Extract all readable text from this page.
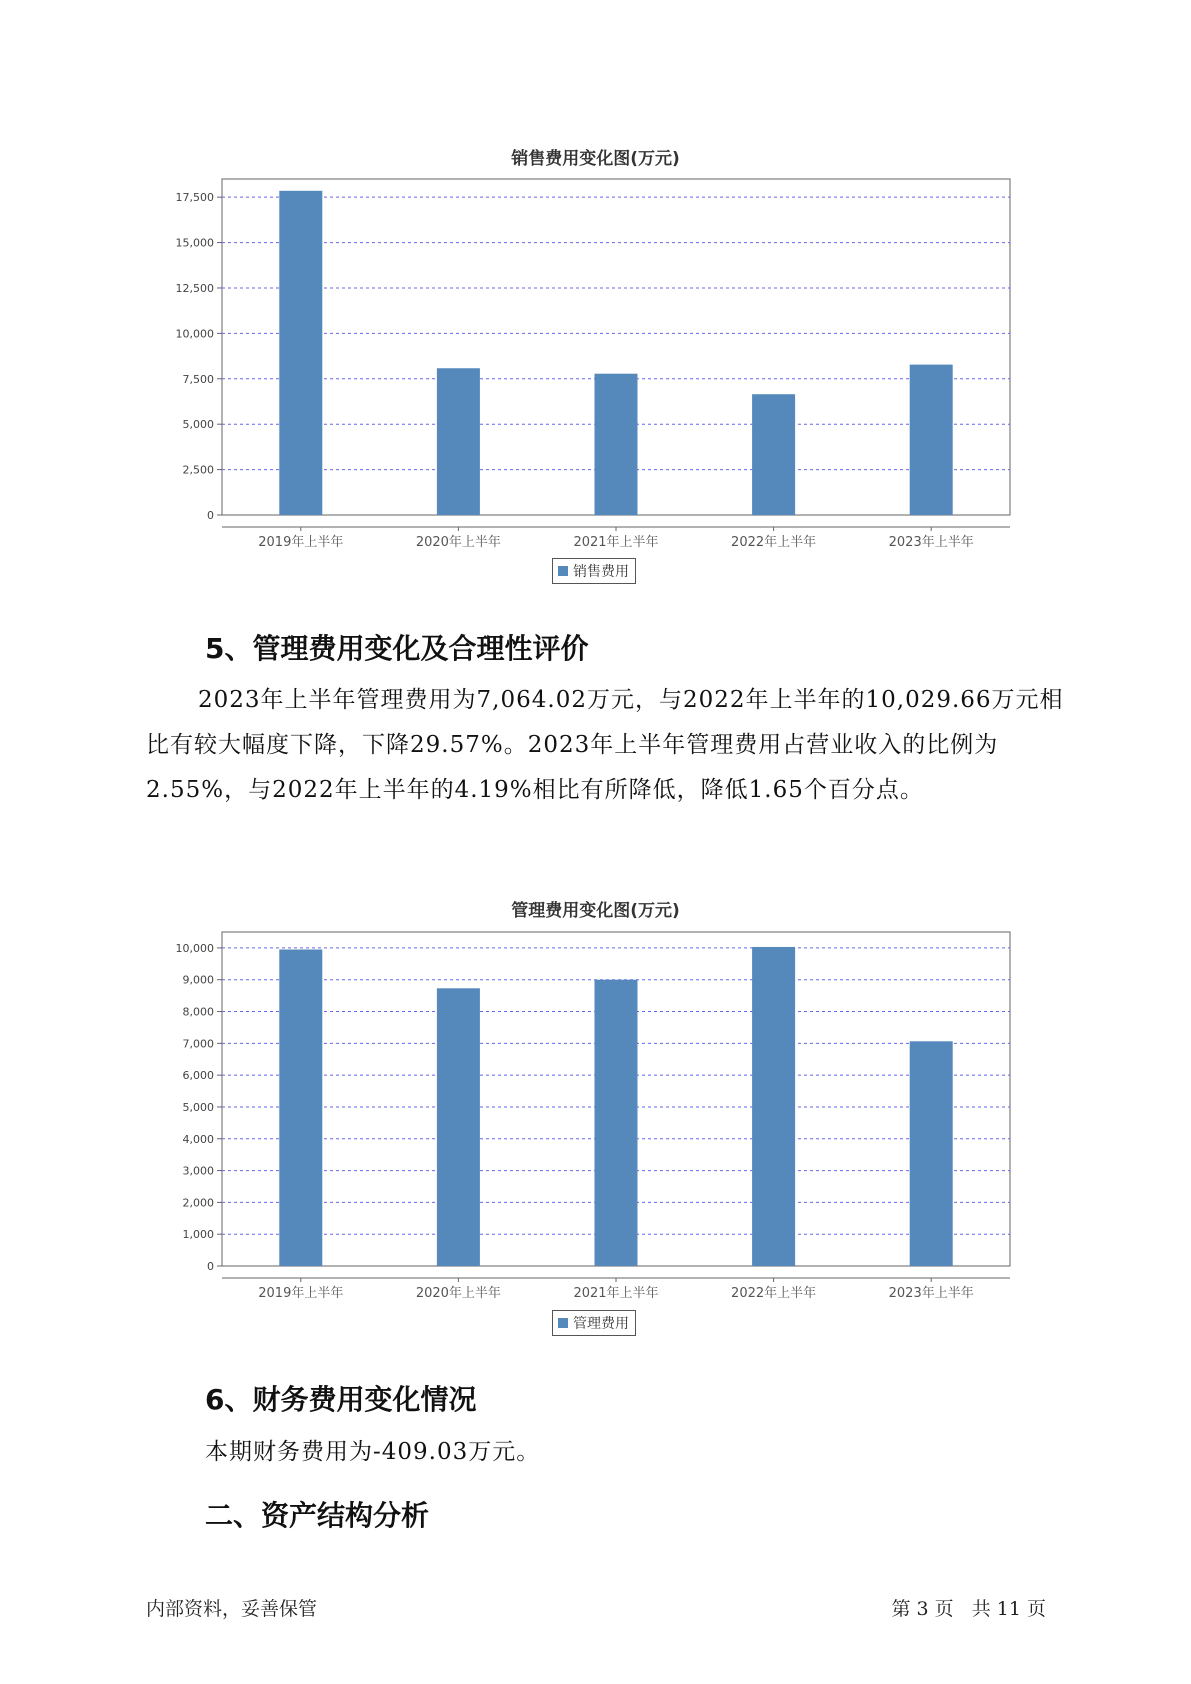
销售费用变化图(万元)
0
2,500
5,000
7,500
10,000
12,500
15,000
17,500
2019年上半年	2020年上半年	2021年上半年	2022年上半年	2023年上半年
销售费用
5、管理费用变化及合理性评价

2023年上半年管理费用为7,064.02万元，与2022年上半年的10,029.66万元相比有较大幅度下降，下降29.57%。2023年上半年管理费用占营业收入的比例为2.55%，与2022年上半年的4.19%相比有所降低，降低1.65个百分点。

管理费用变化图(万元)
0
1,000
2,000
3,000
4,000
5,000
6,000
7,000
8,000
9,000
10,000
2019年上半年	2020年上半年	2021年上半年	2022年上半年	2023年上半年
管理费用
6、财务费用变化情况

本期财务费用为-409.03万元。

二、资产结构分析
内部资料，妥善保管	第 3 页   共 11 页
